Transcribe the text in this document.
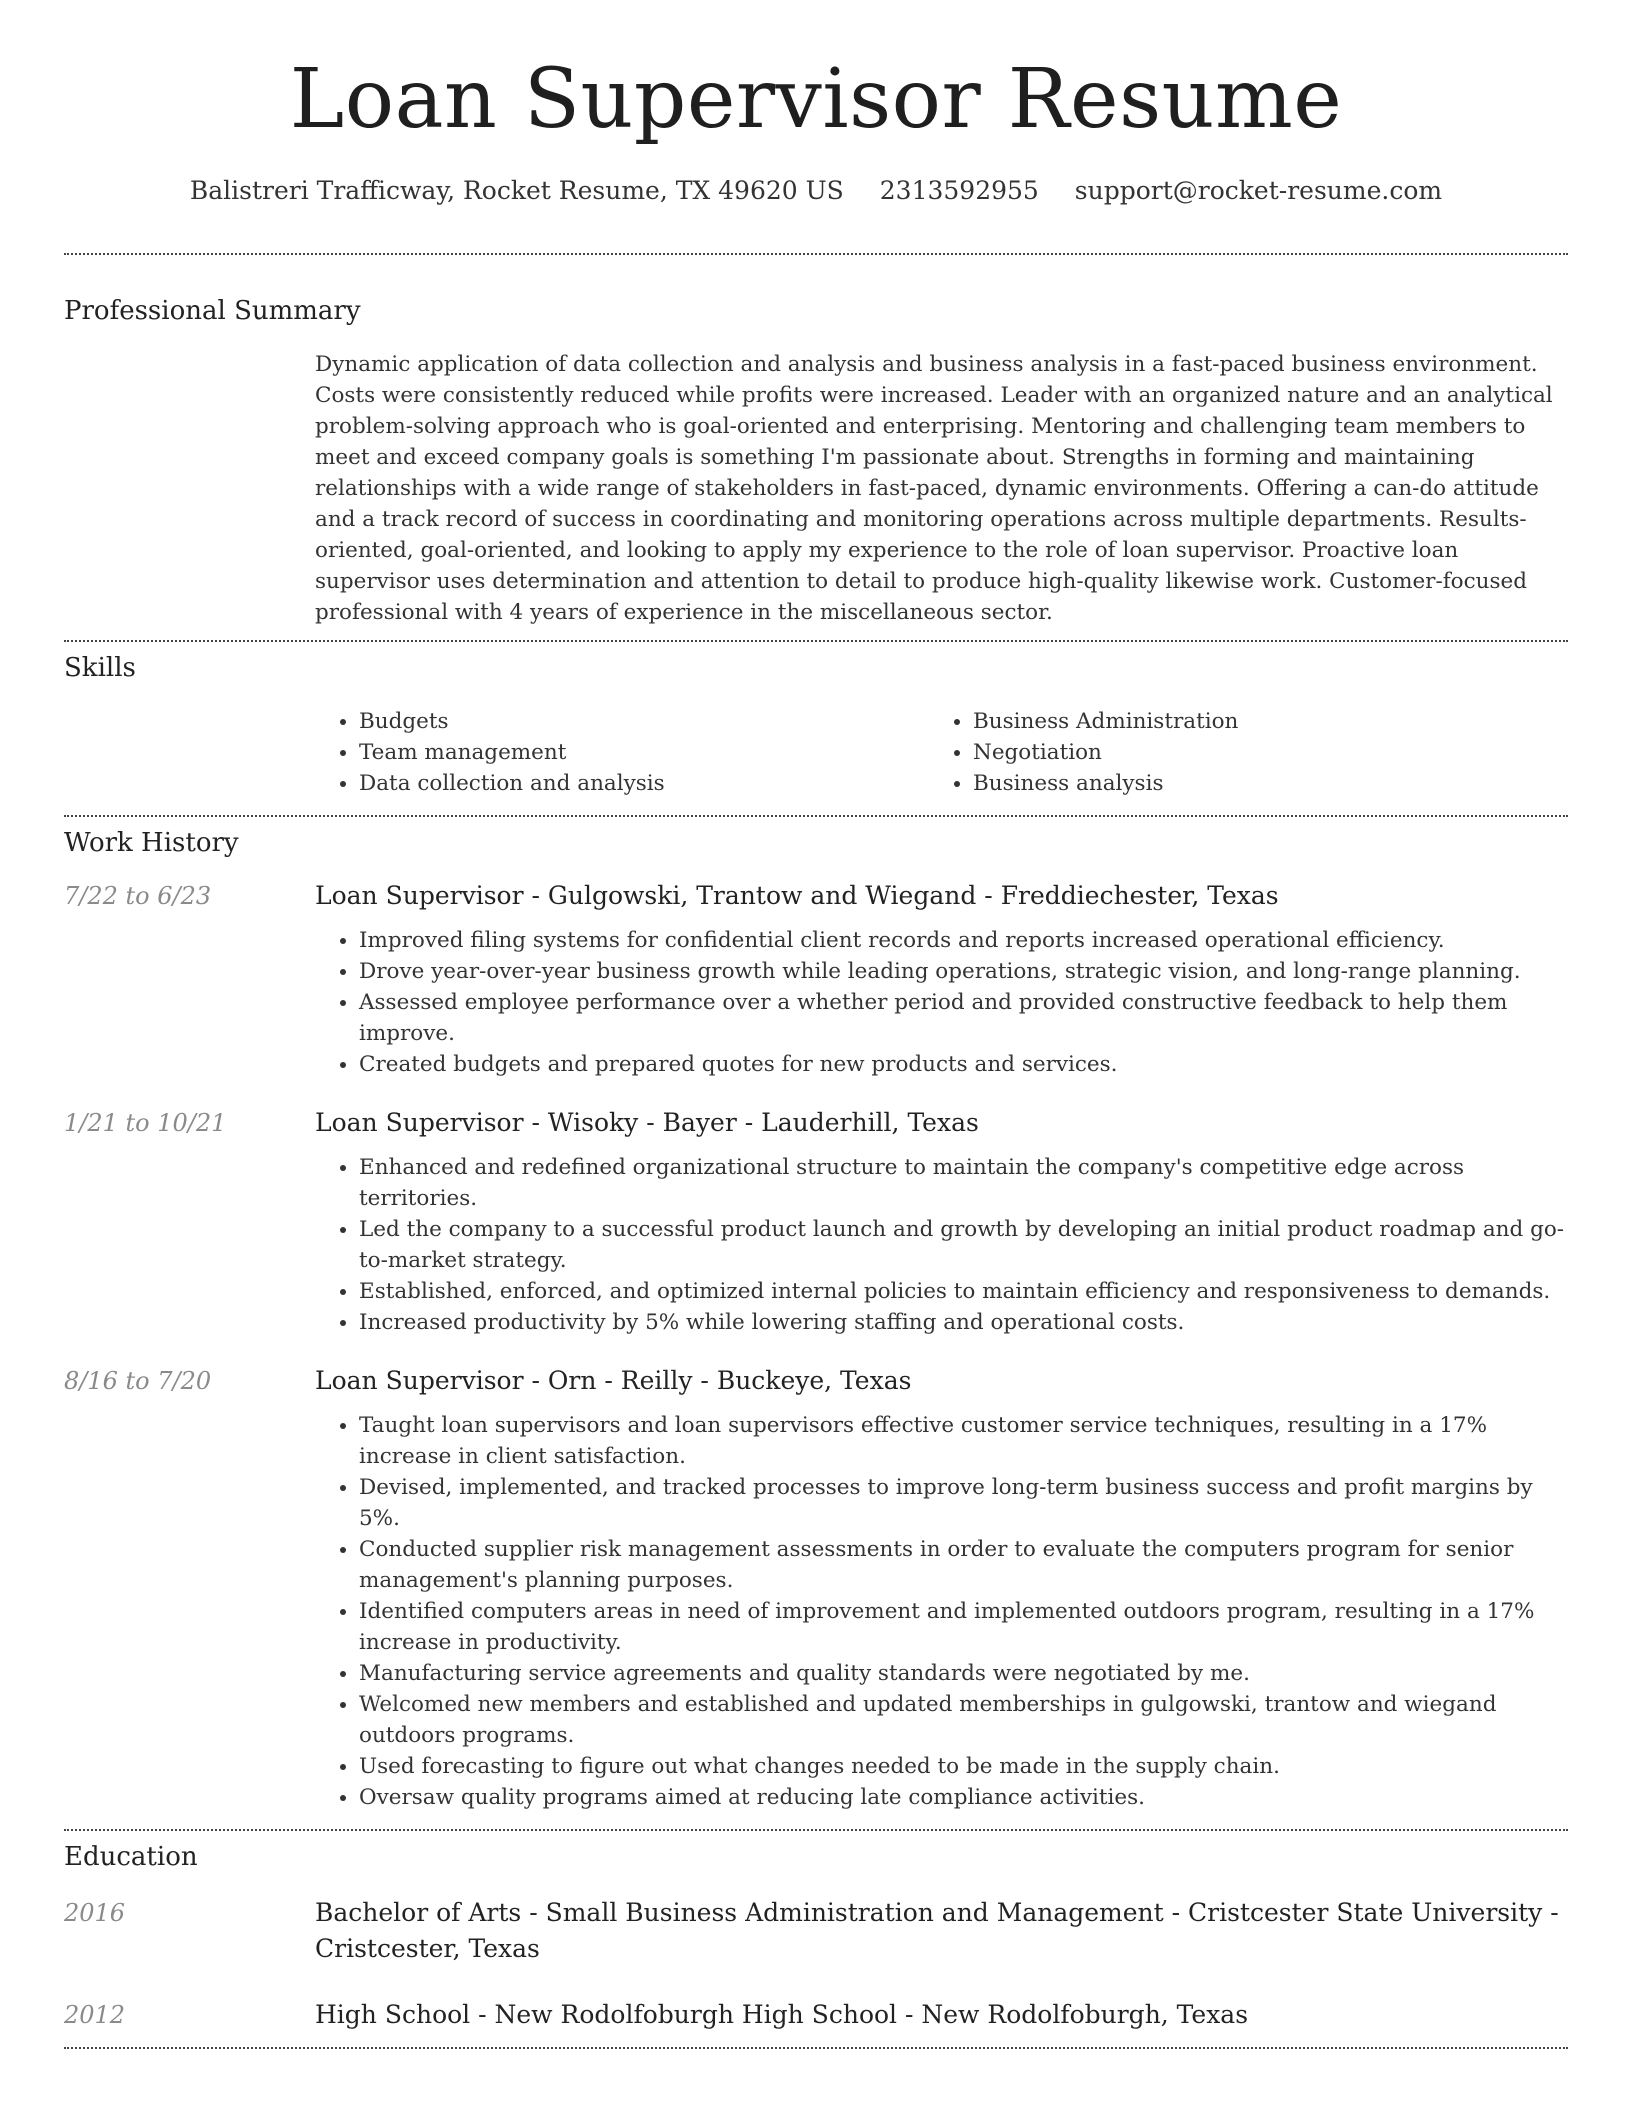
Loan Supervisor Resume
Balistreri Trafficway, Rocket Resume, TX 49620 US 2313592955 support@rocket-resume.com
Professional Summary

Dynamic application of data collection and analysis and business analysis in a fast-paced business environment. Costs were consistently reduced while profits were increased. Leader with an organized nature and an analytical problem-solving approach who is goal-oriented and enterprising. Mentoring and challenging team members to meet and exceed company goals is something I'm passionate about. Strengths in forming and maintaining relationships with a wide range of stakeholders in fast-paced, dynamic environments. Offering a can-do attitude and a track record of success in coordinating and monitoring operations across multiple departments. Results-oriented, goal-oriented, and looking to apply my experience to the role of loan supervisor. Proactive loan supervisor uses determination and attention to detail to produce high-quality likewise work. Customer-focused professional with 4 years of experience in the miscellaneous sector.

Skills
• Budgets
• Team management
• Data collection and analysis
• Business Administration
• Negotiation
• Business analysis
Work History
7/22 to 6/23	Loan Supervisor - Gulgowski, Trantow and Wiegand - Freddiechester, Texas
• Improved filing systems for confidential client records and reports increased operational efficiency.
• Drove year-over-year business growth while leading operations, strategic vision, and long-range planning.
• Assessed employee performance over a whether period and provided constructive feedback to help them improve.
• Created budgets and prepared quotes for new products and services.
1/21 to 10/21	Loan Supervisor - Wisoky - Bayer - Lauderhill, Texas
• Enhanced and redefined organizational structure to maintain the company's competitive edge across territories.
• Led the company to a successful product launch and growth by developing an initial product roadmap and go-to-market strategy.
• Established, enforced, and optimized internal policies to maintain efficiency and responsiveness to demands.
• Increased productivity by 5% while lowering staffing and operational costs.
8/16 to 7/20	Loan Supervisor - Orn - Reilly - Buckeye, Texas
• Taught loan supervisors and loan supervisors effective customer service techniques, resulting in a 17% increase in client satisfaction.
• Devised, implemented, and tracked processes to improve long-term business success and profit margins by 5%.
• Conducted supplier risk management assessments in order to evaluate the computers program for senior management's planning purposes.
• Identified computers areas in need of improvement and implemented outdoors program, resulting in a 17% increase in productivity.
• Manufacturing service agreements and quality standards were negotiated by me.
• Welcomed new members and established and updated memberships in gulgowski, trantow and wiegand outdoors programs.
• Used forecasting to figure out what changes needed to be made in the supply chain.
• Oversaw quality programs aimed at reducing late compliance activities.
Education
2016	Bachelor of Arts - Small Business Administration and Management - Cristcester State University - Cristcester, Texas
2012	High School - New Rodolfoburgh High School - New Rodolfoburgh, Texas
